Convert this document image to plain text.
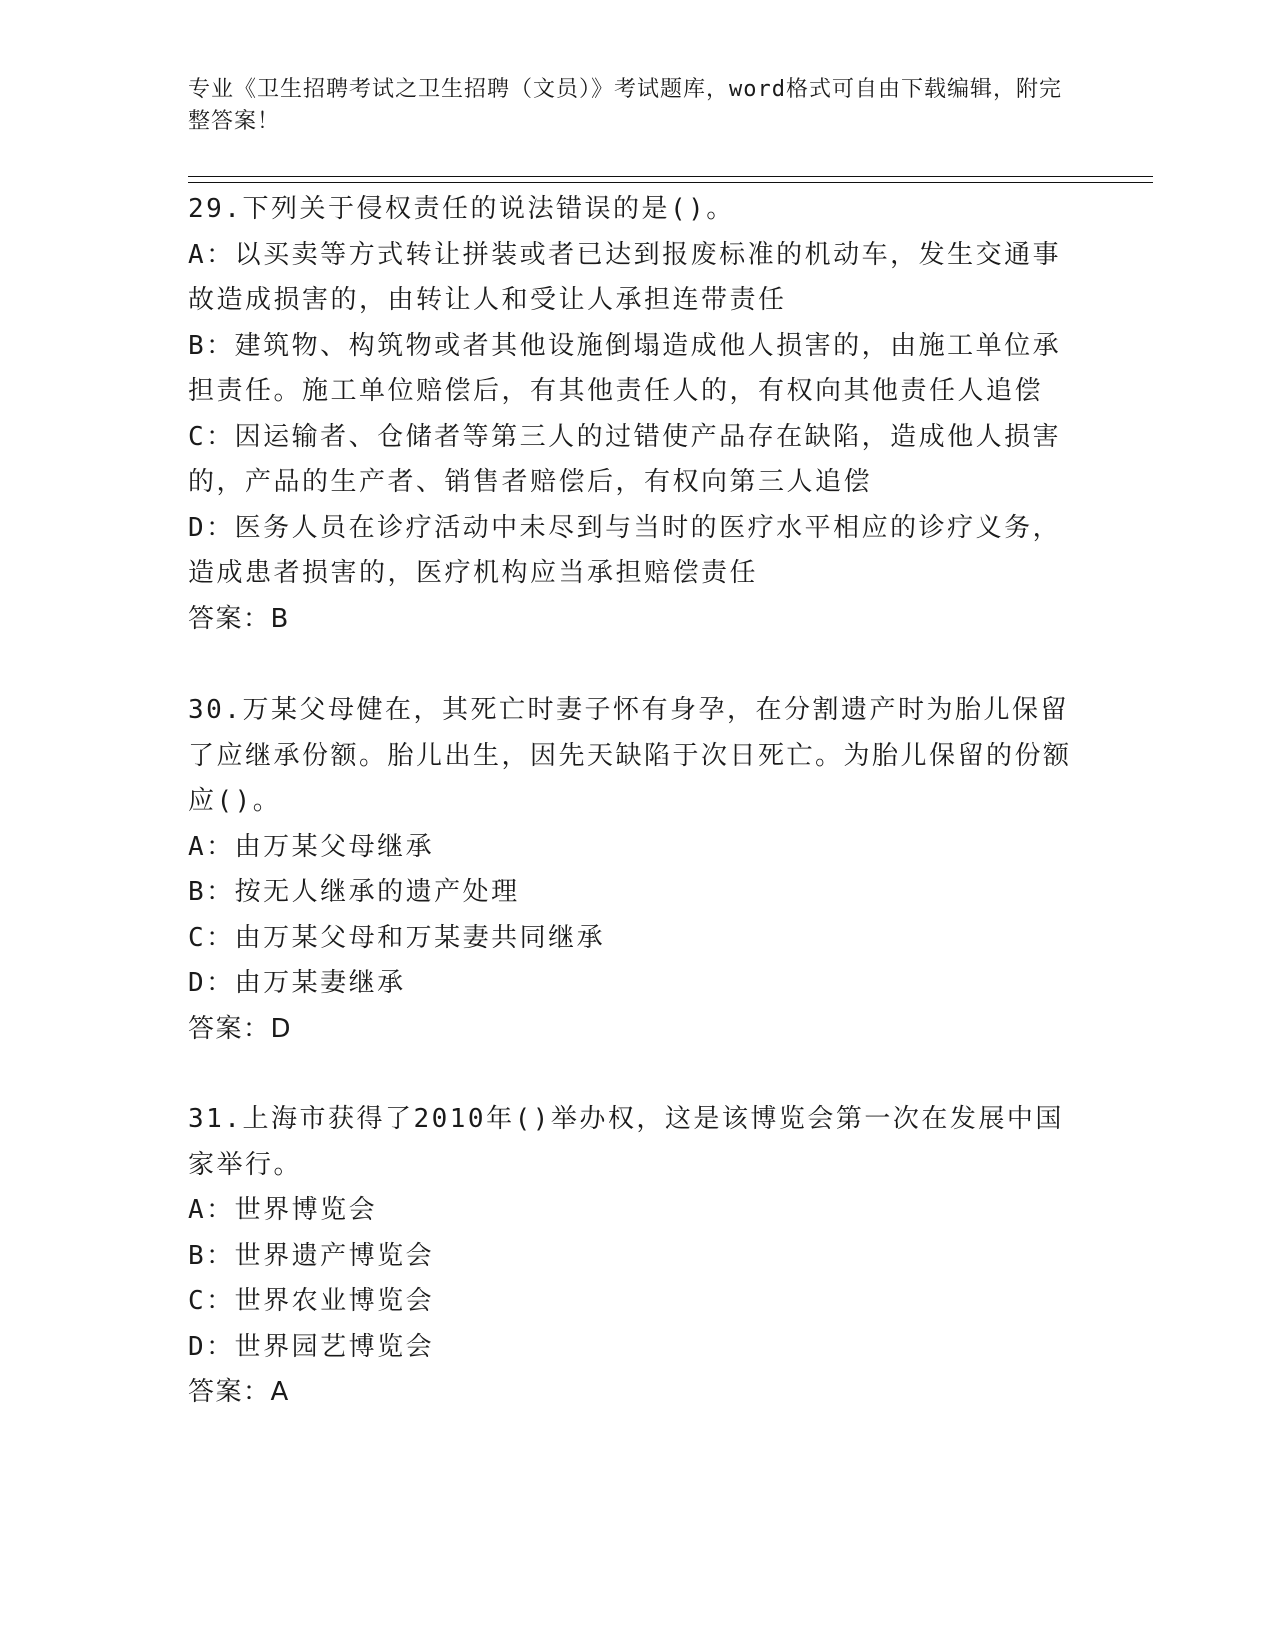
专业《卫生招聘考试之卫生招聘（文员）》考试题库，word格式可自由下载编辑，附完整答案！

29.下列关于侵权责任的说法错误的是()。

A：以买卖等方式转让拼装或者已达到报废标准的机动车，发生交通事故造成损害的，由转让人和受让人承担连带责任

B：建筑物、构筑物或者其他设施倒塌造成他人损害的，由施工单位承担责任。施工单位赔偿后，有其他责任人的，有权向其他责任人追偿

C：因运输者、仓储者等第三人的过错使产品存在缺陷，造成他人损害的，产品的生产者、销售者赔偿后，有权向第三人追偿

D：医务人员在诊疗活动中未尽到与当时的医疗水平相应的诊疗义务，造成患者损害的，医疗机构应当承担赔偿责任

答案：B

30.万某父母健在，其死亡时妻子怀有身孕，在分割遗产时为胎儿保留了应继承份额。胎儿出生，因先天缺陷于次日死亡。为胎儿保留的份额应()。

A：由万某父母继承

B：按无人继承的遗产处理

C：由万某父母和万某妻共同继承

D：由万某妻继承

答案：D

31.上海市获得了2010年()举办权，这是该博览会第一次在发展中国家举行。

A：世界博览会

B：世界遗产博览会

C：世界农业博览会

D：世界园艺博览会

答案：A
